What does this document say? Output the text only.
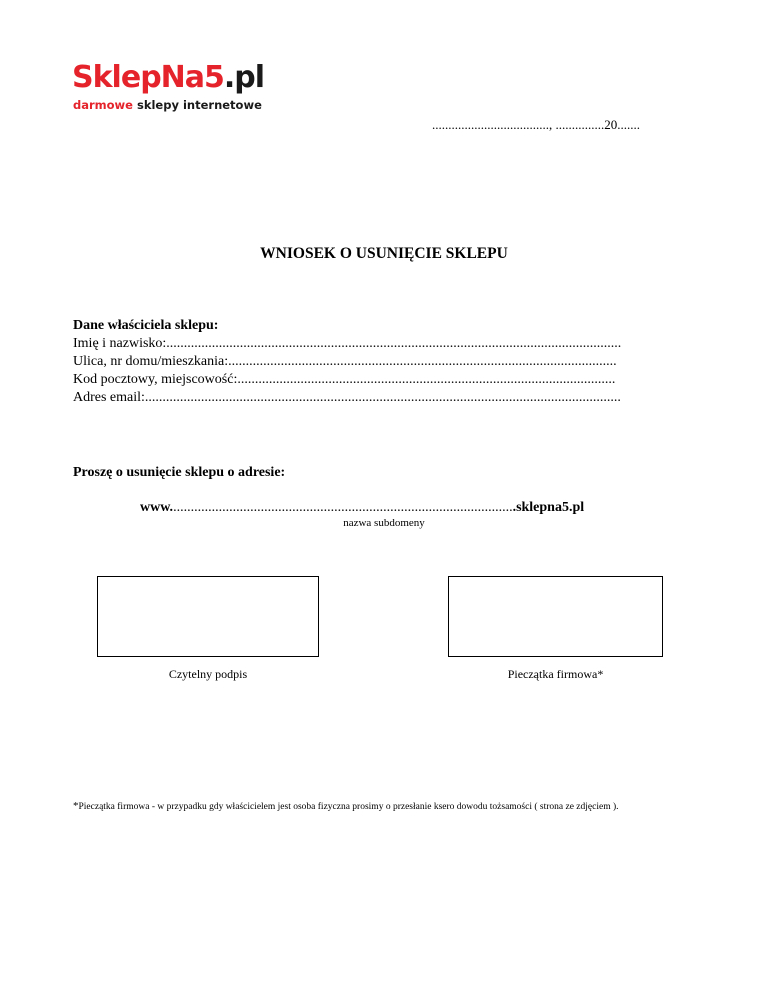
SklepNa5.pl
darmowe sklepy internetowe
...................................., ...............20.......
WNIOSEK O USUNIĘCIE SKLEPU
Dane właściciela sklepu:
Imię i nazwisko:..................................................................................................................................
Ulica, nr domu/mieszkania:...............................................................................................................
Kod pocztowy, miejscowość:............................................................................................................
Adres email:........................................................................................................................................
Proszę o usunięcie sklepu o adresie:
www...................................................................................................sklepna5.pl
nazwa subdomeny
Czytelny podpis	Pieczątka firmowa*
*Pieczątka firmowa - w przypadku gdy właścicielem jest osoba fizyczna prosimy o przesłanie ksero dowodu tożsamości ( strona ze zdjęciem ).
